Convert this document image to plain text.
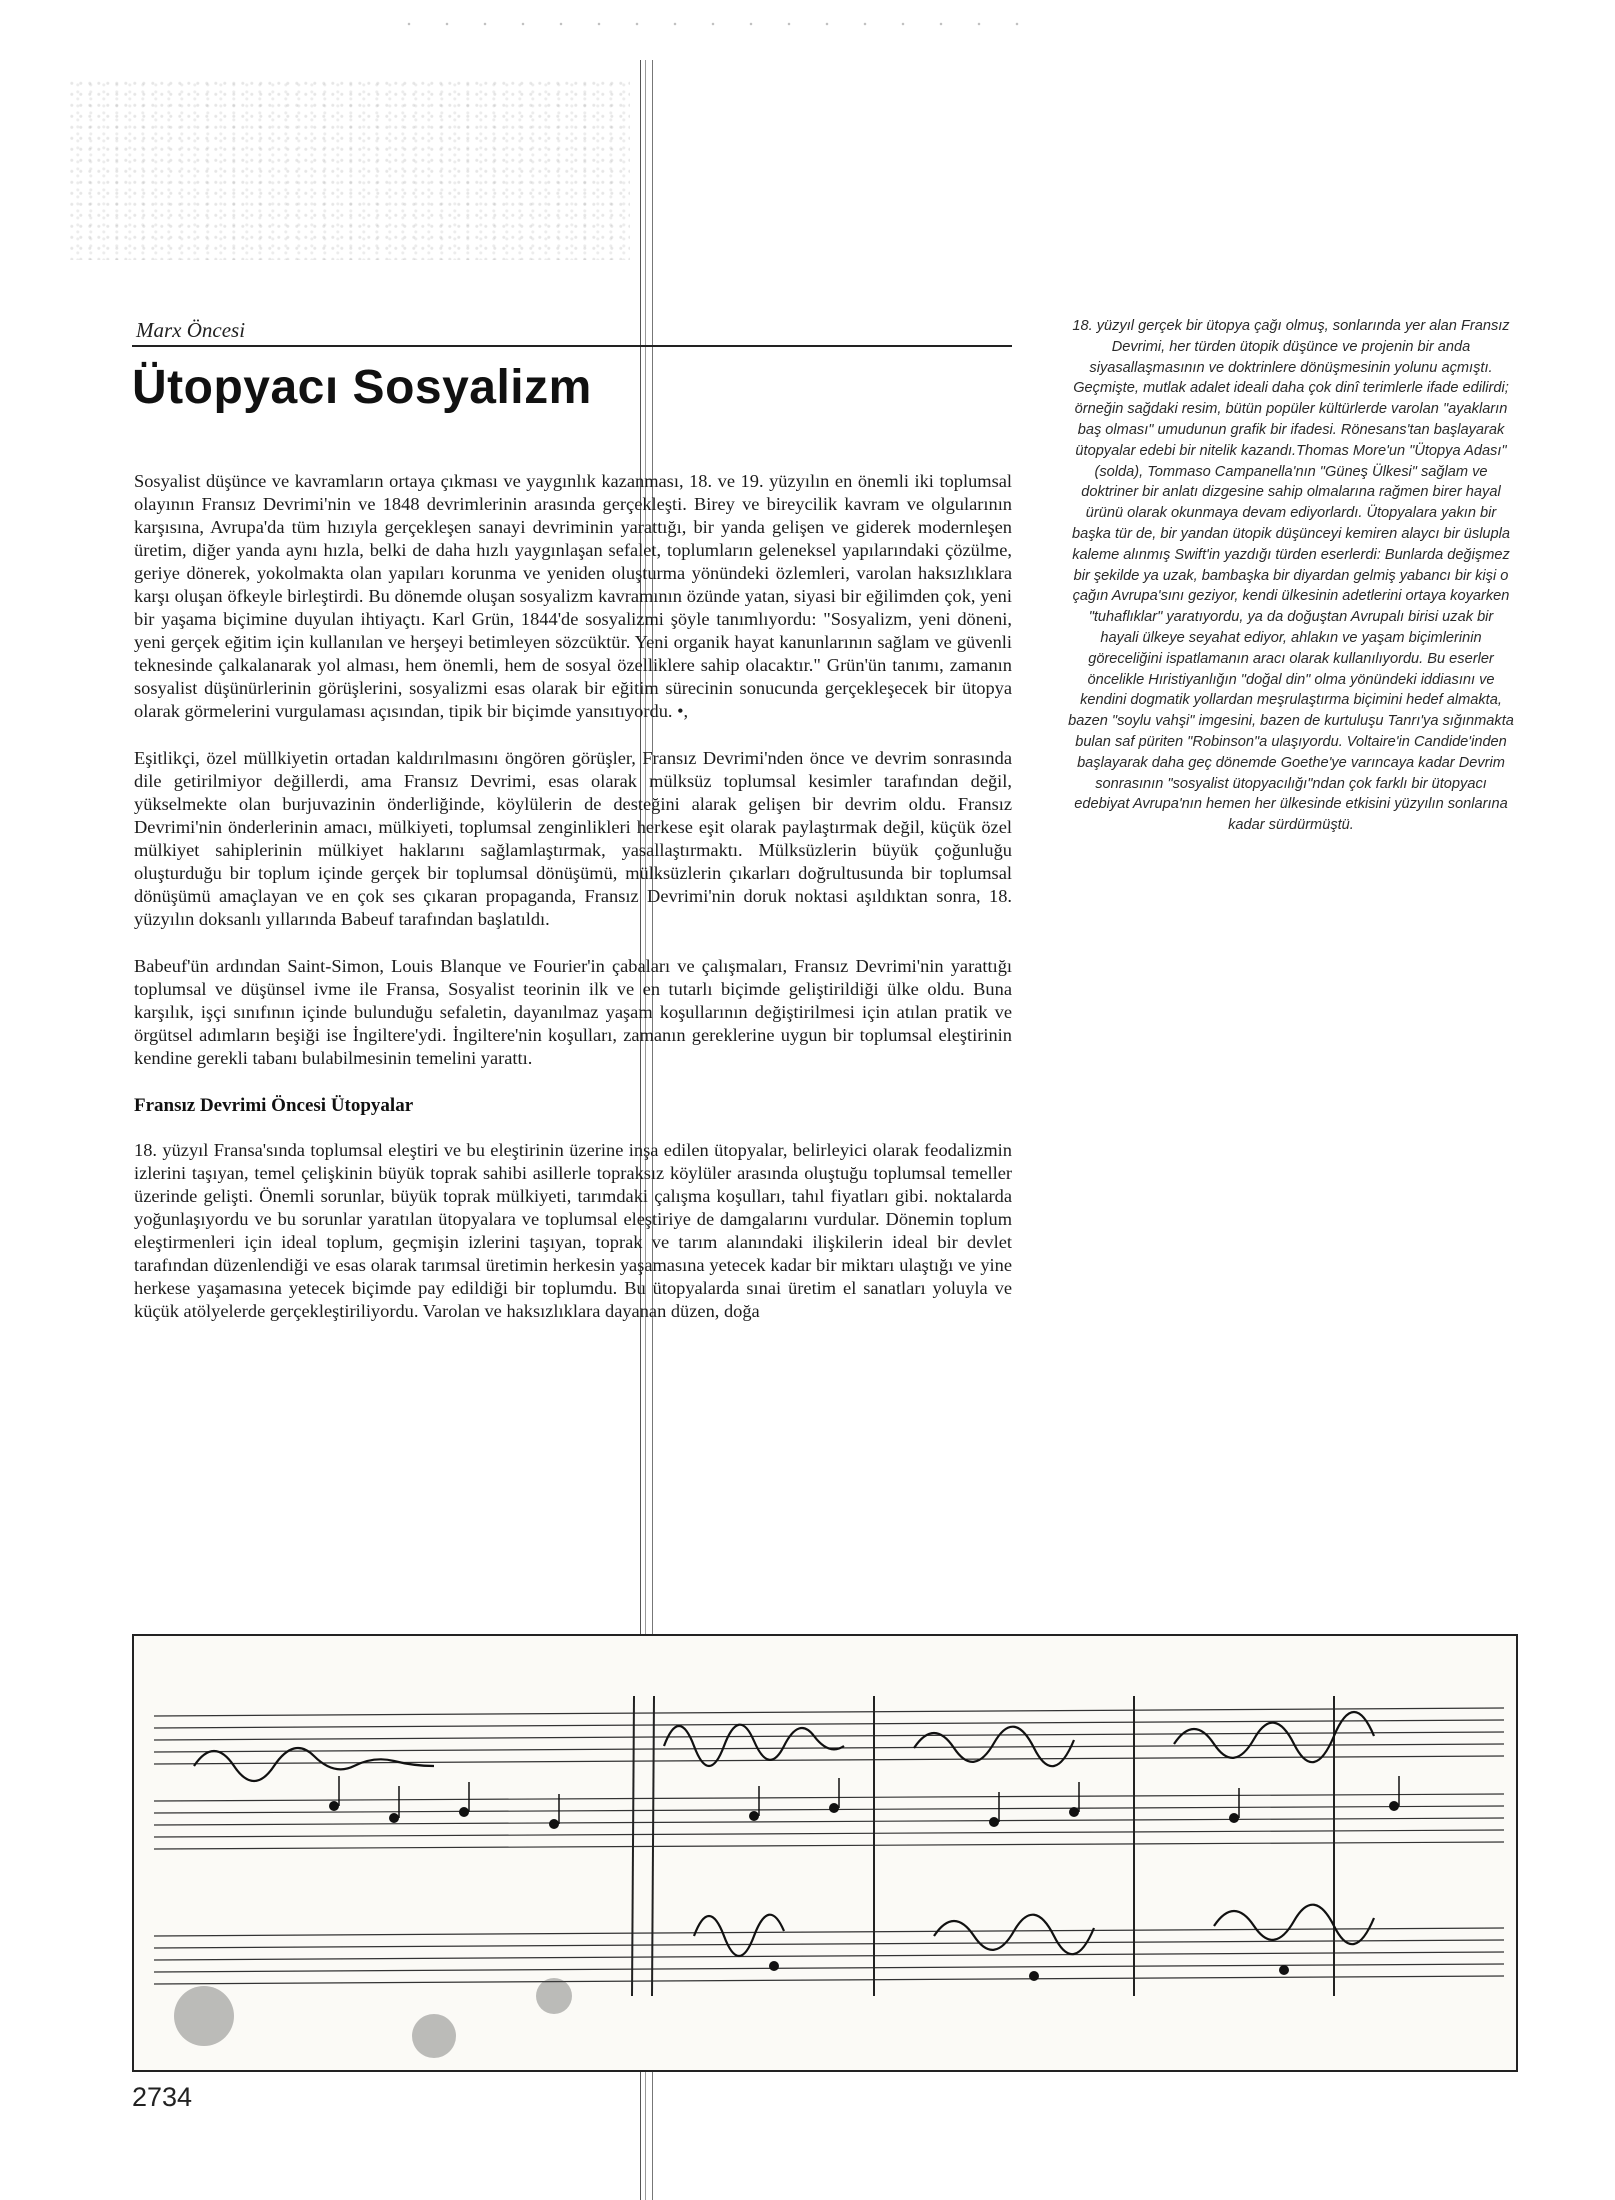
Marx Öncesi
Ütopyacı Sosyalizm

Sosyalist düşünce ve kavramların ortaya çıkması ve yaygınlık kazanması, 18. ve 19. yüzyılın en önemli iki toplumsal olayının Fransız Devrimi'nin ve 1848 devrimlerinin arasında gerçekleşti. Birey ve bireycilik kavram ve olgularının karşısına, Avrupa'da tüm hızıyla gerçekleşen sanayi devriminin yarattığı, bir yanda gelişen ve giderek modernleşen üretim, diğer yanda aynı hızla, belki de daha hızlı yaygınlaşan sefalet, toplumların geleneksel yapılarındaki çözülme, geriye dönerek, yokolmakta olan yapıları korunma ve yeniden oluşturma yönündeki özlemleri, varolan haksızlıklara karşı oluşan öfkeyle birleştirdi. Bu dönemde oluşan sosyalizm kavramının özünde yatan, siyasi bir eğilimden çok, yeni bir yaşama biçimine duyulan ihtiyaçtı. Karl Grün, 1844'de sosyalizmi şöyle tanımlıyordu: "Sosyalizm, yeni döneni, yeni gerçek eğitim için kullanılan ve herşeyi betimleyen sözcüktür. Yeni organik hayat kanunlarının sağlam ve güvenli teknesinde çalkalanarak yol alması, hem önemli, hem de sosyal özelliklere sahip olacaktır." Grün'ün tanımı, zamanın sosyalist düşünürlerinin görüşlerini, sosyalizmi esas olarak bir eğitim sürecinin sonucunda gerçekleşecek bir ütopya olarak görmelerini vurgulaması açısından, tipik bir biçimde yansıtıyordu. •,

Eşitlikçi, özel müllkiyetin ortadan kaldırılmasını öngören görüşler, Fransız Devrimi'nden önce ve devrim sonrasında dile getirilmiyor değillerdi, ama Fransız Devrimi, esas olarak mülksüz toplumsal kesimler tarafından değil, yükselmekte olan burjuvazinin önderliğinde, köylülerin de desteğini alarak gelişen bir devrim oldu. Fransız Devrimi'nin önderlerinin amacı, mülkiyeti, toplumsal zenginlikleri herkese eşit olarak paylaştırmak değil, küçük özel mülkiyet sahiplerinin mülkiyet haklarını sağlamlaştırmak, yasallaştırmaktı. Mülksüzlerin büyük çoğunluğu oluşturduğu bir toplum içinde gerçek bir toplumsal dönüşümü, mülksüzlerin çıkarları doğrultusunda bir toplumsal dönüşümü amaçlayan ve en çok ses çıkaran propaganda, Fransız Devrimi'nin doruk noktasi aşıldıktan sonra, 18. yüzyılın doksanlı yıllarında Babeuf tarafından başlatıldı.

Babeuf'ün ardından Saint-Simon, Louis Blanque ve Fourier'in çabaları ve çalışmaları, Fransız Devrimi'nin yarattığı toplumsal ve düşünsel ivme ile Fransa, Sosyalist teorinin ilk ve en tutarlı biçimde geliştirildiği ülke oldu. Buna karşılık, işçi sınıfının içinde bulunduğu sefaletin, dayanılmaz yaşam koşullarının değiştirilmesi için atılan pratik ve örgütsel adımların beşiği ise İngiltere'ydi. İngiltere'nin koşulları, zamanın gereklerine uygun bir toplumsal eleştirinin kendine gerekli tabanı bulabilmesinin temelini yarattı.

Fransız Devrimi Öncesi Ütopyalar

18. yüzyıl Fransa'sında toplumsal eleştiri ve bu eleştirinin üzerine inşa edilen ütopyalar, belirleyici olarak feodalizmin izlerini taşıyan, temel çelişkinin büyük toprak sahibi asillerle topraksız köylüler arasında oluştuğu toplumsal temeller üzerinde gelişti. Önemli sorunlar, büyük toprak mülkiyeti, tarımdaki çalışma koşulları, tahıl fiyatları gibi. noktalarda yoğunlaşıyordu ve bu sorunlar yaratılan ütopyalara ve toplumsal eleştiriye de damgalarını vurdular. Dönemin toplum eleştirmenleri için ideal toplum, geçmişin izlerini taşıyan, toprak ve tarım alanındaki ilişkilerin ideal bir devlet tarafından düzenlendiği ve esas olarak tarımsal üretimin herkesin yaşamasına yetecek kadar bir miktarı ulaştığı ve yine herkese yaşamasına yetecek biçimde pay edildiği bir toplumdu. Bu ütopyalarda sınai üretim el sanatları yoluyla ve küçük atölyelerde gerçekleştiriliyordu. Varolan ve haksızlıklara dayanan düzen, doğa

18. yüzyıl gerçek bir ütopya çağı olmuş, sonlarında yer alan Fransız Devrimi, her türden ütopik düşünce ve projenin bir anda siyasallaşmasının ve doktrinlere dönüşmesinin yolunu açmıştı. Geçmişte, mutlak adalet ideali daha çok dinî terimlerle ifade edilirdi; örneğin sağdaki resim, bütün popüler kültürlerde varolan "ayakların baş olması" umudunun grafik bir ifadesi. Rönesans'tan başlayarak ütopyalar edebi bir nitelik kazandı.Thomas More'un "Ütopya Adası" (solda), Tommaso Campanella'nın "Güneş Ülkesi" sağlam ve doktriner bir anlatı dizgesine sahip olmalarına rağmen birer hayal ürünü olarak okunmaya devam ediyorlardı. Ütopyalara yakın bir başka tür de, bir yandan ütopik düşünceyi kemiren alaycı bir üslupla kaleme alınmış Swift'in yazdığı türden eserlerdi: Bunlarda değişmez bir şekilde ya uzak, bambaşka bir diyardan gelmiş yabancı bir kişi o çağın Avrupa'sını geziyor, kendi ülkesinin adetlerini ortaya koyarken "tuhaflıklar" yaratıyordu, ya da doğuştan Avrupalı birisi uzak bir hayali ülkeye seyahat ediyor, ahlakın ve yaşam biçimlerinin göreceliğini ispatlamanın aracı olarak kullanılıyordu. Bu eserler öncelikle Hıristiyanlığın "doğal din" olma yönündeki iddiasını ve kendini dogmatik yollardan meşrulaştırma biçimini hedef almakta, bazen "soylu vahşi" imgesini, bazen de kurtuluşu Tanrı'ya sığınmakta bulan saf püriten "Robinson"a ulaşıyordu. Voltaire'in Candide'inden başlayarak daha geç dönemde Goethe'ye varıncaya kadar Devrim sonrasının "sosyalist ütopyacılığı"ndan çok farklı bir ütopyacı edebiyat Avrupa'nın hemen her ülkesinde etkisini yüzyılın sonlarına kadar sürdürmüştü.

2734
